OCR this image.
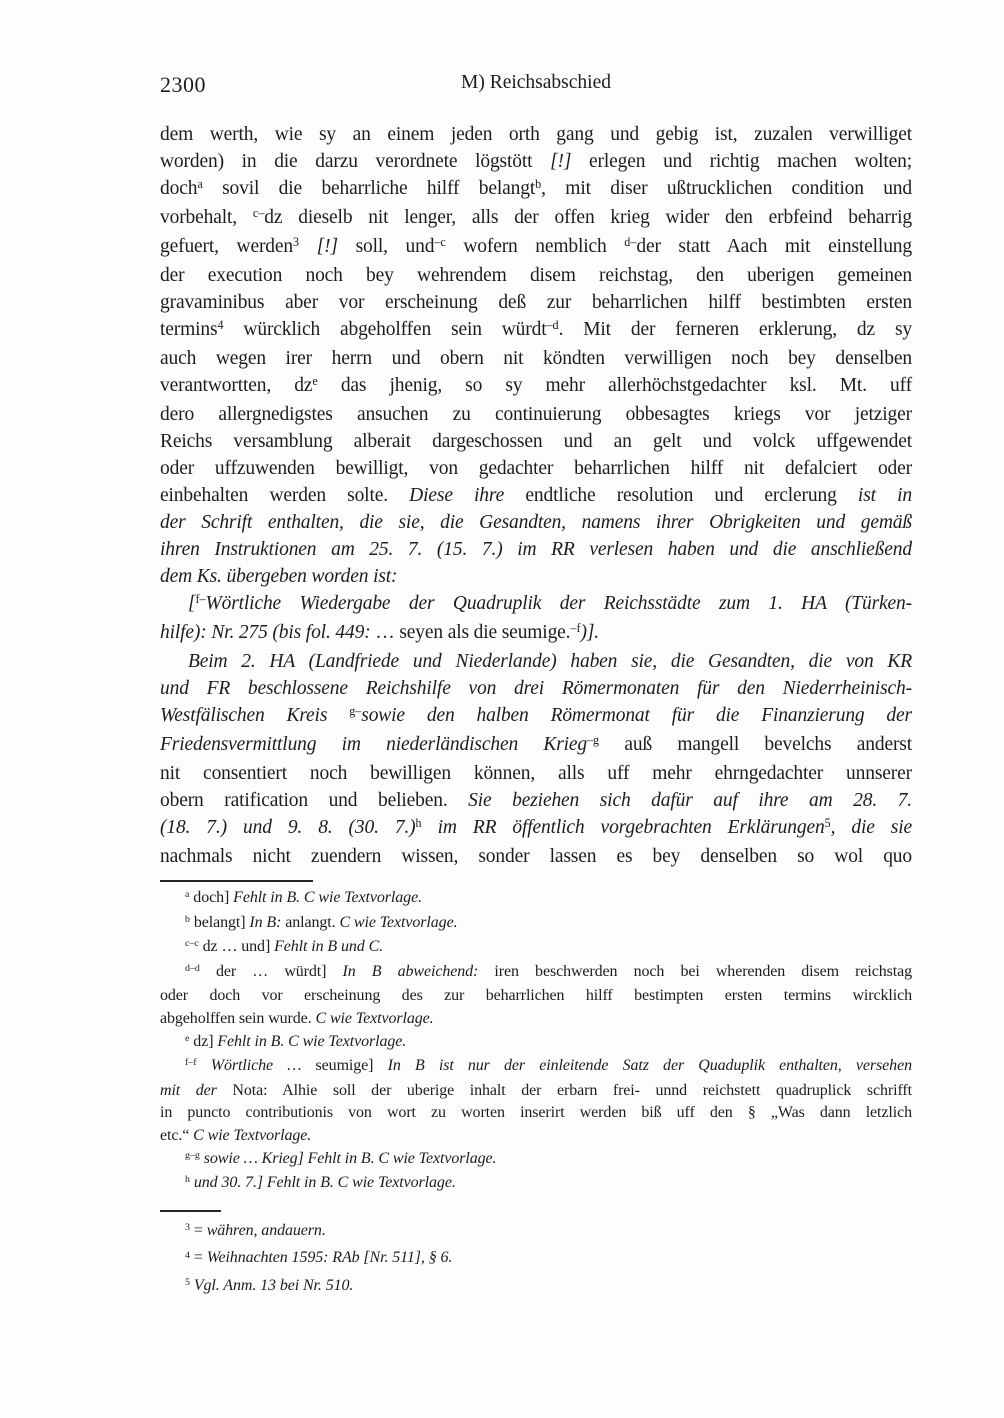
2300	M) Reichsabschied
dem werth, wie sy an einem jeden orth gang und gebig ist, zuzalen verwilliget
worden) in die darzu verordnete lögstött [!] erlegen und richtig machen wolten;
doch$^a$ sovil die beharrliche hilff belangt$^b$, mit diser ußtrucklichen condition und
vorbehalt, $^{c-}$dz dieselb nit lenger, alls der offen krieg wider den erbfeind beharrig
gefuert, werden$^3$ [!] soll, und$^{-c}$ wofern nemblich $^{d-}$der statt Aach mit einstellung
der execution noch bey wehrendem disem reichstag, den uberigen gemeinen
gravaminibus aber vor erscheinung deß zur beharrlichen hilff bestimbten ersten
termins$^4$ würcklich abgeholffen sein würdt$^{-d}$. Mit der ferneren erklerung, dz sy
auch wegen irer herrn und obern nit köndten verwilligen noch bey denselben
verantwortten, $dz^e$ das jhenig, so sy mehr allerhöchstgedachter ksl. Mt. uff
dero allergnedigstes ansuchen zu continuierung obbesagtes kriegs vor jetziger
Reichs versamblung alberait dargeschossen und an gelt und volck uffgewendet
oder uffzuwenden bewilligt, von gedachter beharrlichen hilff nit defalciert oder
einbehalten werden solte. Diese ihre endtliche resolution und erclerung ist in
der Schrift enthalten, die sie, die Gesandten, namens ihrer Obrigkeiten und gemäß
ihren Instruktionen am 25. 7. (15. 7.) im RR verlesen haben und die anschließend
dem Ks. übergeben worden ist:
[$^{f-}$Wörtliche Wiedergabe der Quadruplik der Reichsstädte zum 1. HA (Türken-
hilfe): Nr. 275 (bis fol. 449: … seyen als die seumige.$^{-f}$)].
Beim 2. HA (Landfriede und Niederlande) haben sie, die Gesandten, die von KR
und FR beschlossene Reichshilfe von drei Römermonaten für den Niederrheinisch-
Westfälischen Kreis $^{g-}$sowie den halben Römermonat für die Finanzierung der
Friedensvermittlung im niederländischen Krieg$^{-g}$ auß mangell bevelchs anderst
nit consentiert noch bewilligen können, alls uff mehr ehrngedachter unnserer
obern ratification und belieben. Sie beziehen sich dafür auf ihre am 28. 7.
(18. 7.) und 9. 8. (30. 7.)$^h$ im RR öffentlich vorgebrachten Erklärungen$^5$, die sie
nachmals nicht zuendern wissen, sonder lassen es bey denselben so wol quo
$^a$ doch] Fehlt in B. C wie Textvorlage.
$^b$ belangt] In B: anlangt. C wie Textvorlage.
$^{c-c}$ dz … und] Fehlt in B und C.
$^{d-d}$ der … würdt] In B abweichend: iren beschwerden noch bei wherenden disem reichstag
oder doch vor erscheinung des zur beharrlichen hilff bestimpten ersten termins wircklich
abgeholffen sein wurde. C wie Textvorlage.
$^e$ dz] Fehlt in B. C wie Textvorlage.
$^{f-f}$ Wörtliche … seumige] In B ist nur der einleitende Satz der Quaduplik enthalten, versehen
mit der Nota: Alhie soll der uberige inhalt der erbarn frei- unnd reichstett quadruplick schrifft
in puncto contributionis von wort zu worten inserirt werden biß uff den § „Was dann letzlich
etc.“ C wie Textvorlage.
$^{g-g}$ sowie … Krieg] Fehlt in B. C wie Textvorlage.
$^h$ und 30. 7.] Fehlt in B. C wie Textvorlage.
$^3$ = währen, andauern.
$^4$ = Weihnachten 1595: RAb [Nr. 511], § 6.
$^5$ Vgl. Anm. 13 bei Nr. 510.
